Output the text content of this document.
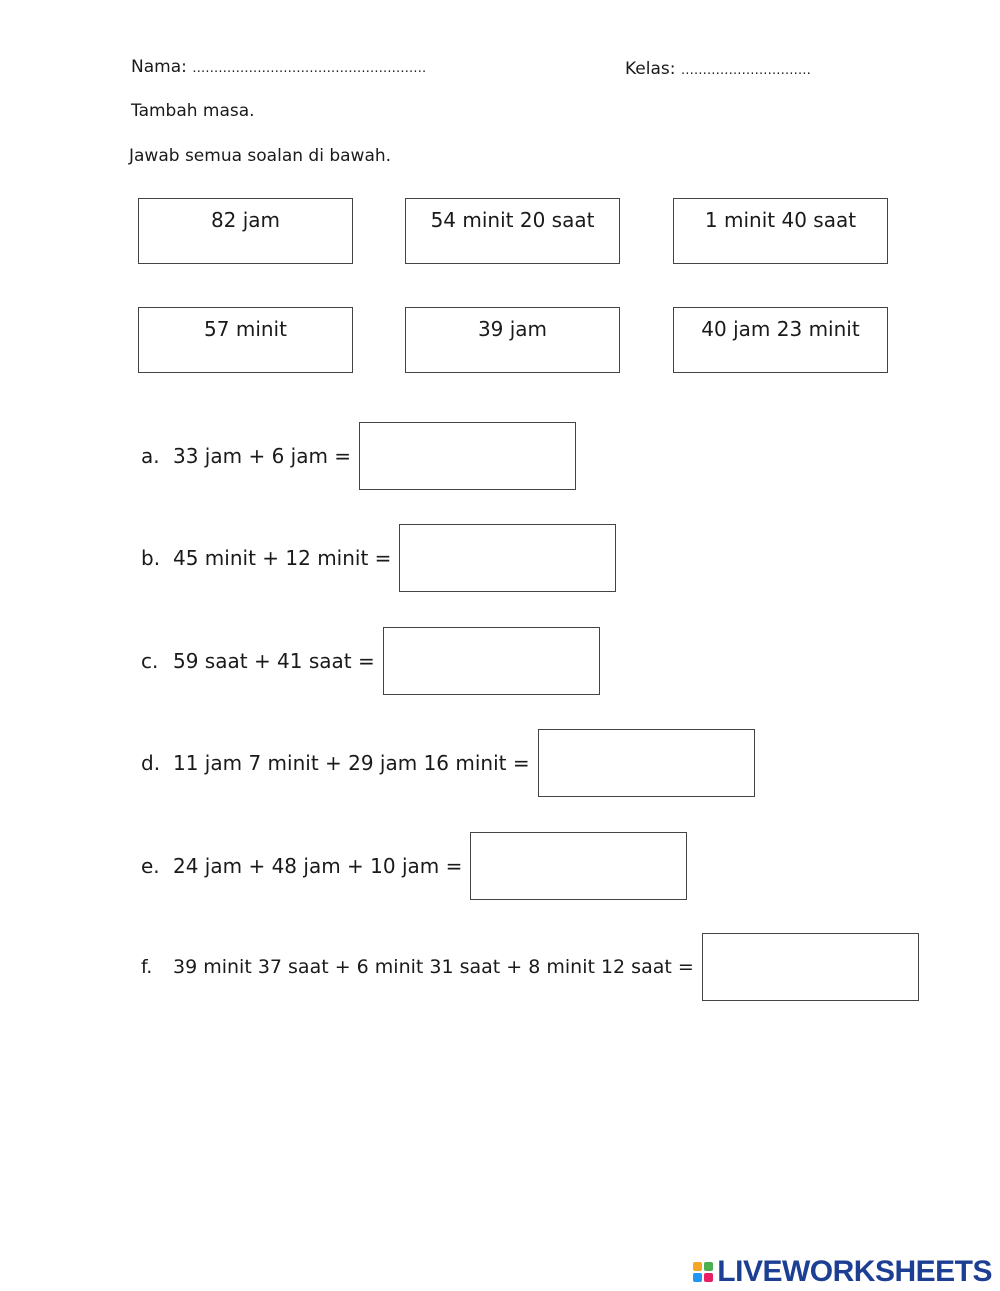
Nama: ………………………………………………	Kelas: …………………………
Tambah masa.
Jawab semua soalan di bawah.
82 jam	54 minit 20 saat	1 minit 40 saat
57 minit	39 jam	40 jam 23 minit
a. 33 jam + 6 jam =
b. 45 minit + 12 minit =
c. 59 saat + 41 saat =
d. 11 jam 7 minit + 29 jam 16 minit =
e. 24 jam + 48 jam + 10 jam =
f. 39 minit 37 saat + 6 minit 31 saat + 8 minit 12 saat =
LIVEWORKSHEETS
